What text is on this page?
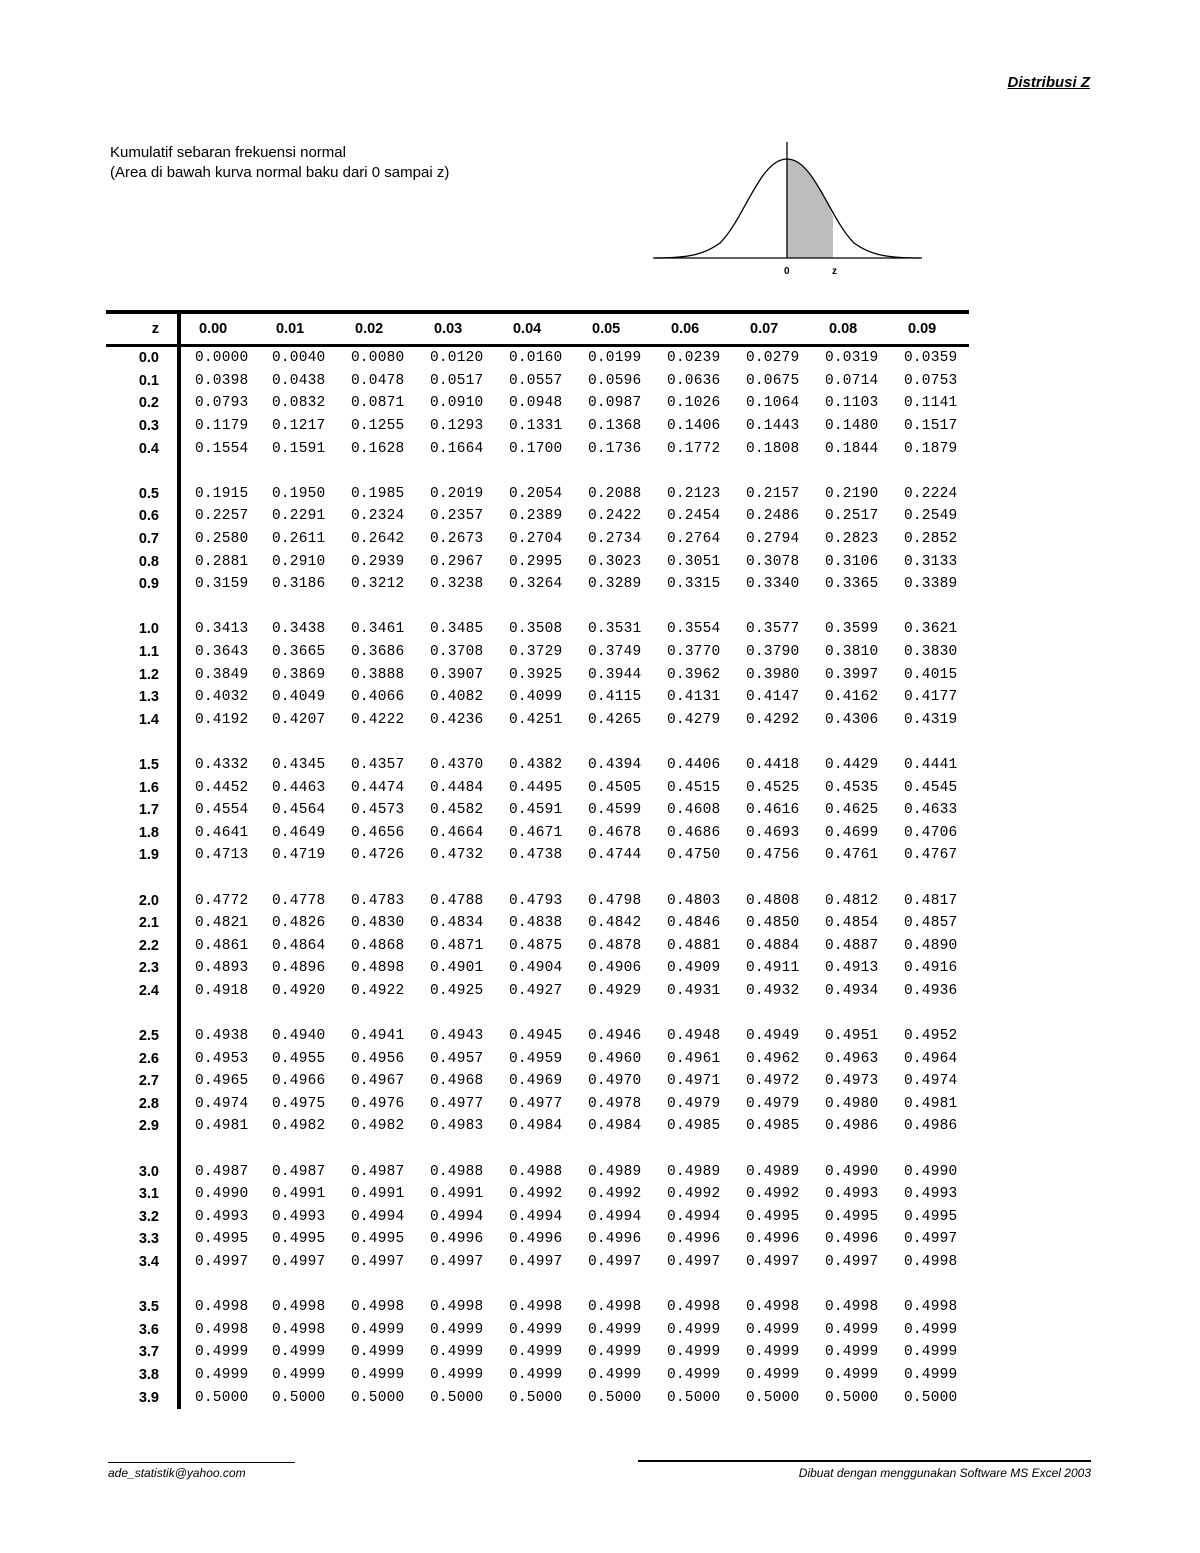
Distribusi Z
Kumulatif sebaran frekuensi normal
(Area di bawah kurva normal baku dari 0 sampai z)
0	z
z	0.00	0.01	0.02	0.03	0.04	0.05	0.06	0.07	0.08	0.09
0.0	0.0000	0.0040	0.0080	0.0120	0.0160	0.0199	0.0239	0.0279	0.0319	0.0359
0.1	0.0398	0.0438	0.0478	0.0517	0.0557	0.0596	0.0636	0.0675	0.0714	0.0753
0.2	0.0793	0.0832	0.0871	0.0910	0.0948	0.0987	0.1026	0.1064	0.1103	0.1141
0.3	0.1179	0.1217	0.1255	0.1293	0.1331	0.1368	0.1406	0.1443	0.1480	0.1517
0.4	0.1554	0.1591	0.1628	0.1664	0.1700	0.1736	0.1772	0.1808	0.1844	0.1879

0.5	0.1915	0.1950	0.1985	0.2019	0.2054	0.2088	0.2123	0.2157	0.2190	0.2224
0.6	0.2257	0.2291	0.2324	0.2357	0.2389	0.2422	0.2454	0.2486	0.2517	0.2549
0.7	0.2580	0.2611	0.2642	0.2673	0.2704	0.2734	0.2764	0.2794	0.2823	0.2852
0.8	0.2881	0.2910	0.2939	0.2967	0.2995	0.3023	0.3051	0.3078	0.3106	0.3133
0.9	0.3159	0.3186	0.3212	0.3238	0.3264	0.3289	0.3315	0.3340	0.3365	0.3389

1.0	0.3413	0.3438	0.3461	0.3485	0.3508	0.3531	0.3554	0.3577	0.3599	0.3621
1.1	0.3643	0.3665	0.3686	0.3708	0.3729	0.3749	0.3770	0.3790	0.3810	0.3830
1.2	0.3849	0.3869	0.3888	0.3907	0.3925	0.3944	0.3962	0.3980	0.3997	0.4015
1.3	0.4032	0.4049	0.4066	0.4082	0.4099	0.4115	0.4131	0.4147	0.4162	0.4177
1.4	0.4192	0.4207	0.4222	0.4236	0.4251	0.4265	0.4279	0.4292	0.4306	0.4319

1.5	0.4332	0.4345	0.4357	0.4370	0.4382	0.4394	0.4406	0.4418	0.4429	0.4441
1.6	0.4452	0.4463	0.4474	0.4484	0.4495	0.4505	0.4515	0.4525	0.4535	0.4545
1.7	0.4554	0.4564	0.4573	0.4582	0.4591	0.4599	0.4608	0.4616	0.4625	0.4633
1.8	0.4641	0.4649	0.4656	0.4664	0.4671	0.4678	0.4686	0.4693	0.4699	0.4706
1.9	0.4713	0.4719	0.4726	0.4732	0.4738	0.4744	0.4750	0.4756	0.4761	0.4767

2.0	0.4772	0.4778	0.4783	0.4788	0.4793	0.4798	0.4803	0.4808	0.4812	0.4817
2.1	0.4821	0.4826	0.4830	0.4834	0.4838	0.4842	0.4846	0.4850	0.4854	0.4857
2.2	0.4861	0.4864	0.4868	0.4871	0.4875	0.4878	0.4881	0.4884	0.4887	0.4890
2.3	0.4893	0.4896	0.4898	0.4901	0.4904	0.4906	0.4909	0.4911	0.4913	0.4916
2.4	0.4918	0.4920	0.4922	0.4925	0.4927	0.4929	0.4931	0.4932	0.4934	0.4936

2.5	0.4938	0.4940	0.4941	0.4943	0.4945	0.4946	0.4948	0.4949	0.4951	0.4952
2.6	0.4953	0.4955	0.4956	0.4957	0.4959	0.4960	0.4961	0.4962	0.4963	0.4964
2.7	0.4965	0.4966	0.4967	0.4968	0.4969	0.4970	0.4971	0.4972	0.4973	0.4974
2.8	0.4974	0.4975	0.4976	0.4977	0.4977	0.4978	0.4979	0.4979	0.4980	0.4981
2.9	0.4981	0.4982	0.4982	0.4983	0.4984	0.4984	0.4985	0.4985	0.4986	0.4986

3.0	0.4987	0.4987	0.4987	0.4988	0.4988	0.4989	0.4989	0.4989	0.4990	0.4990
3.1	0.4990	0.4991	0.4991	0.4991	0.4992	0.4992	0.4992	0.4992	0.4993	0.4993
3.2	0.4993	0.4993	0.4994	0.4994	0.4994	0.4994	0.4994	0.4995	0.4995	0.4995
3.3	0.4995	0.4995	0.4995	0.4996	0.4996	0.4996	0.4996	0.4996	0.4996	0.4997
3.4	0.4997	0.4997	0.4997	0.4997	0.4997	0.4997	0.4997	0.4997	0.4997	0.4998

3.5	0.4998	0.4998	0.4998	0.4998	0.4998	0.4998	0.4998	0.4998	0.4998	0.4998
3.6	0.4998	0.4998	0.4999	0.4999	0.4999	0.4999	0.4999	0.4999	0.4999	0.4999
3.7	0.4999	0.4999	0.4999	0.4999	0.4999	0.4999	0.4999	0.4999	0.4999	0.4999
3.8	0.4999	0.4999	0.4999	0.4999	0.4999	0.4999	0.4999	0.4999	0.4999	0.4999
3.9	0.5000	0.5000	0.5000	0.5000	0.5000	0.5000	0.5000	0.5000	0.5000	0.5000
ade_statistik@yahoo.com	Dibuat dengan menggunakan Software MS Excel 2003
